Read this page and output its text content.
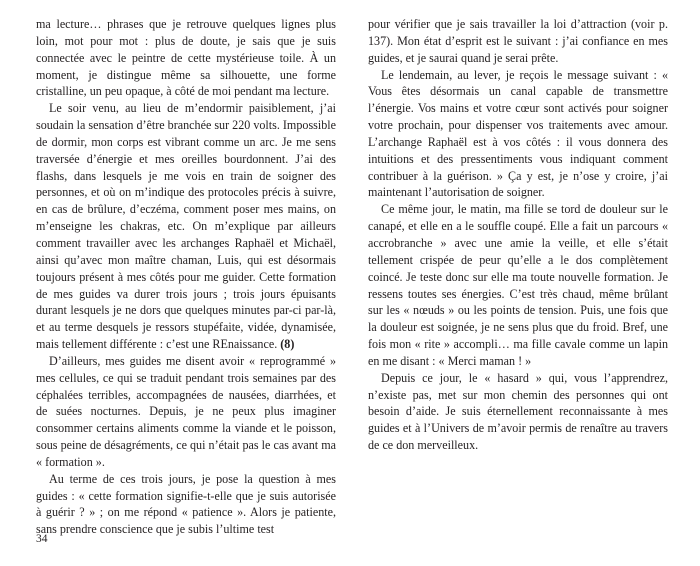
ma lecture… phrases que je retrouve quelques lignes plus loin, mot pour mot : plus de doute, je sais que je suis connectée avec le peintre de cette mystérieuse toile. À un moment, je distingue même sa silhouette, une forme cristalline, un peu opaque, à côté de moi pendant ma lecture.

Le soir venu, au lieu de m’endormir paisiblement, j’ai soudain la sensation d’être branchée sur 220 volts. Impossible de dormir, mon corps est vibrant comme un arc. Je me sens traversée d’énergie et mes oreilles bourdonnent. J’ai des flashs, dans lesquels je me vois en train de soigner des personnes, et où on m’indique des protocoles précis à suivre, en cas de brûlure, d’eczéma, comment poser mes mains, on m’enseigne les chakras, etc. On m’explique par ailleurs comment travailler avec les archanges Raphaël et Michaël, ainsi qu’avec mon maître chaman, Luis, qui est désormais toujours présent à mes côtés pour me guider. Cette formation de mes guides va durer trois jours ; trois jours épuisants durant lesquels je ne dors que quelques minutes par-ci par-là, et au terme desquels je ressors stupéfaite, vidée, dynamisée, mais tellement différente : c’est une REnaissance. (8)

D’ailleurs, mes guides me disent avoir « reprogrammé » mes cellules, ce qui se traduit pendant trois semaines par des céphalées terribles, accompagnées de nausées, diarrhées, et de suées nocturnes. Depuis, je ne peux plus imaginer consommer certains aliments comme la viande et le poisson, sous peine de désagréments, ce qui n’était pas le cas avant ma « formation ».

Au terme de ces trois jours, je pose la question à mes guides : « cette formation signifie-t-elle que je suis autorisée à guérir ? » ; on me répond « patience ». Alors je patiente, sans prendre conscience que je subis l’ultime test

34

pour vérifier que je sais travailler la loi d’attraction (voir p. 137). Mon état d’esprit est le suivant : j’ai confiance en mes guides, et je saurai quand je serai prête.

Le lendemain, au lever, je reçois le message suivant : « Vous êtes désormais un canal capable de transmettre l’énergie. Vos mains et votre cœur sont activés pour soigner votre prochain, pour dispenser vos traitements avec amour. L’archange Raphaël est à vos côtés : il vous donnera des intuitions et des pressentiments vous indiquant comment contribuer à la guérison. » Ça y est, je n’ose y croire, j’ai maintenant l’autorisation de soigner.

Ce même jour, le matin, ma fille se tord de douleur sur le canapé, et elle en a le souffle coupé. Elle a fait un parcours « accrobranche » avec une amie la veille, et elle s’était tellement crispée de peur qu’elle a le dos complètement coincé. Je teste donc sur elle ma toute nouvelle formation. Je ressens toutes ses énergies. C’est très chaud, même brûlant sur les « nœuds » ou les points de tension. Puis, une fois que la douleur est soignée, je ne sens plus que du froid. Bref, une fois mon « rite » accompli… ma fille cavale comme un lapin en me disant : « Merci maman ! »

Depuis ce jour, le « hasard » qui, vous l’apprendrez, n’existe pas, met sur mon chemin des personnes qui ont besoin d’aide. Je suis éternellement reconnaissante à mes guides et à l’Univers de m’avoir permis de renaître au travers de ce don merveilleux.
